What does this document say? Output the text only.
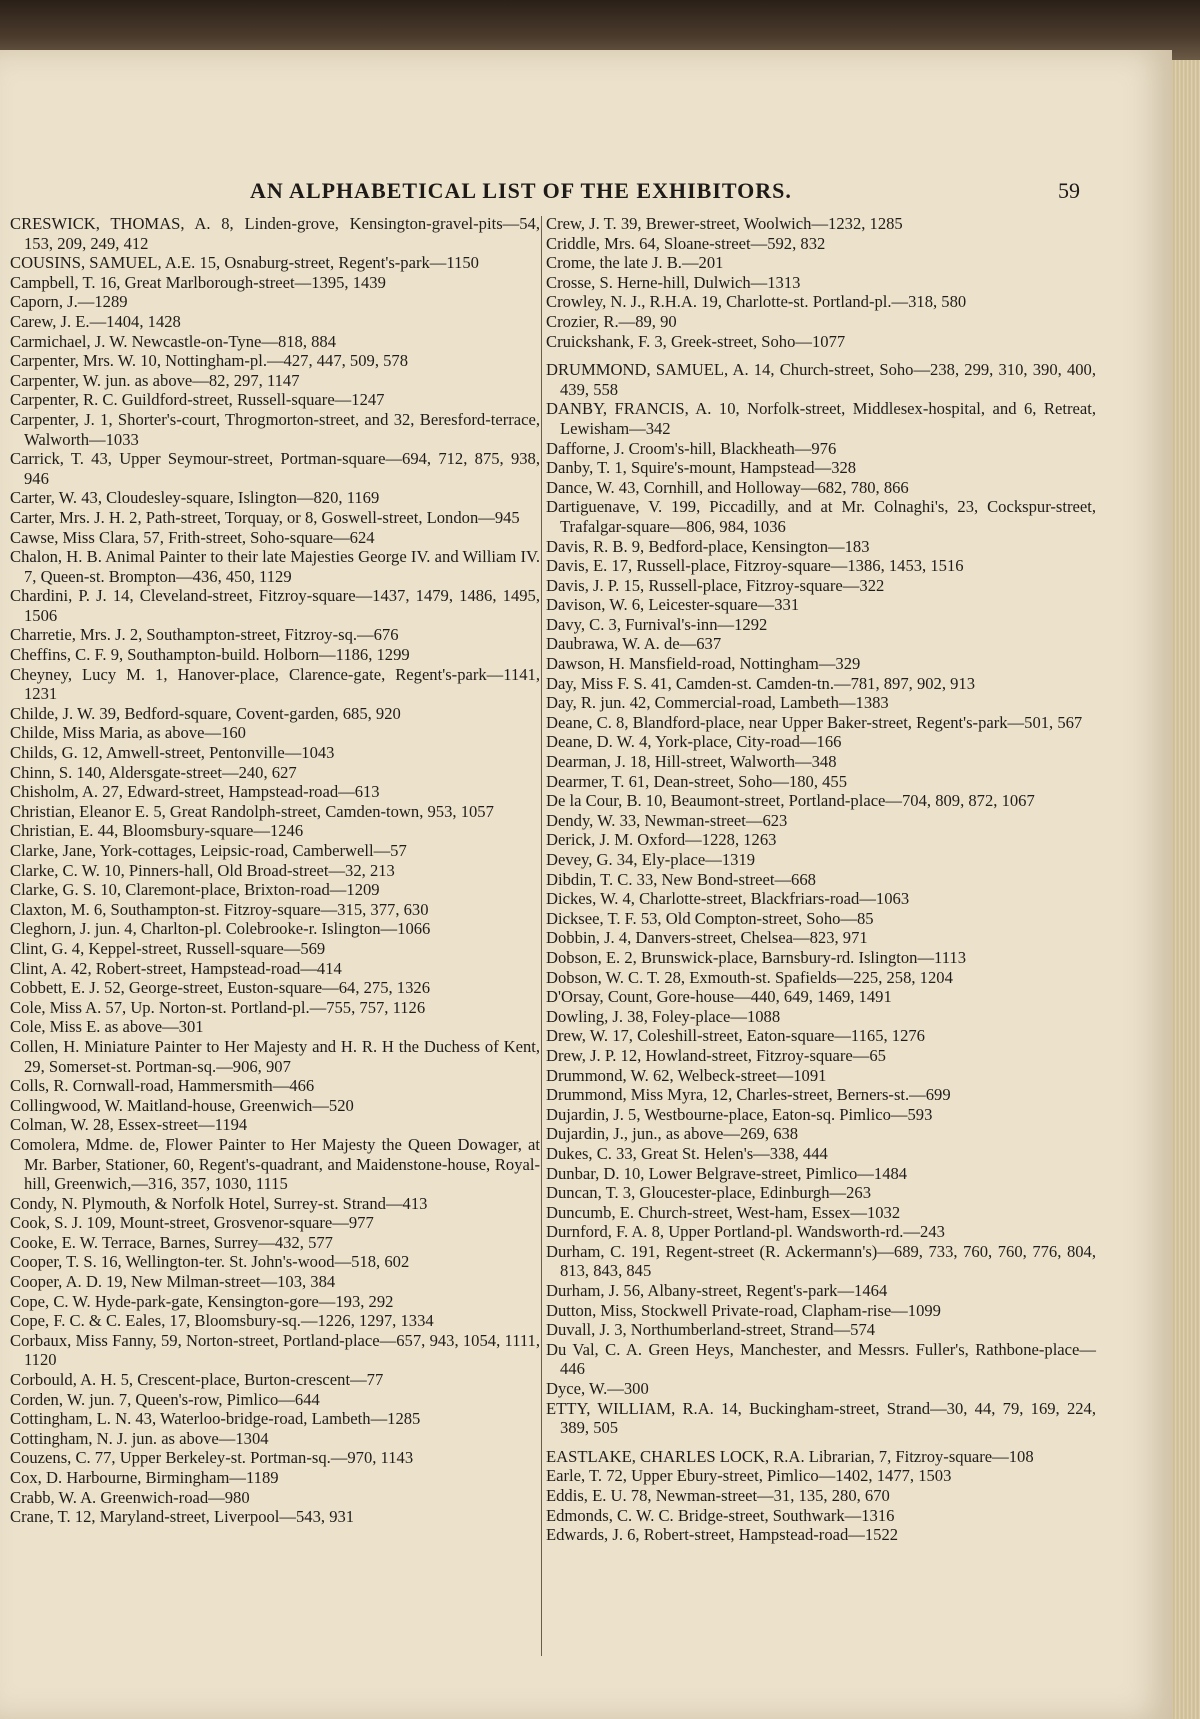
AN ALPHABETICAL LIST OF THE EXHIBITORS.	59

CRESWICK, THOMAS, A. 8, Linden-grove, Kensington-gravel-pits—54, 153, 209, 249, 412

COUSINS, SAMUEL, A.E. 15, Osnaburg-street, Regent's-park—1150

Campbell, T. 16, Great Marlborough-street—1395, 1439

Caporn, J.—1289

Carew, J. E.—1404, 1428

Carmichael, J. W. Newcastle-on-Tyne—818, 884

Carpenter, Mrs. W. 10, Nottingham-pl.—427, 447, 509, 578

Carpenter, W. jun. as above—82, 297, 1147

Carpenter, R. C. Guildford-street, Russell-square—1247

Carpenter, J. 1, Shorter's-court, Throgmorton-street, and 32, Beresford-terrace, Walworth—1033

Carrick, T. 43, Upper Seymour-street, Portman-square—694, 712, 875, 938, 946

Carter, W. 43, Cloudesley-square, Islington—820, 1169

Carter, Mrs. J. H. 2, Path-street, Torquay, or 8, Goswell-street, London—945

Cawse, Miss Clara, 57, Frith-street, Soho-square—624

Chalon, H. B. Animal Painter to their late Majesties George IV. and William IV. 7, Queen-st. Brompton—436, 450, 1129

Chardini, P. J. 14, Cleveland-street, Fitzroy-square—1437, 1479, 1486, 1495, 1506

Charretie, Mrs. J. 2, Southampton-street, Fitzroy-sq.—676

Cheffins, C. F. 9, Southampton-build. Holborn—1186, 1299

Cheyney, Lucy M. 1, Hanover-place, Clarence-gate, Regent's-park—1141, 1231

Childe, J. W. 39, Bedford-square, Covent-garden, 685, 920

Childe, Miss Maria, as above—160

Childs, G. 12, Amwell-street, Pentonville—1043

Chinn, S. 140, Aldersgate-street—240, 627

Chisholm, A. 27, Edward-street, Hampstead-road—613

Christian, Eleanor E. 5, Great Randolph-street, Camden-town, 953, 1057

Christian, E. 44, Bloomsbury-square—1246

Clarke, Jane, York-cottages, Leipsic-road, Camberwell—57

Clarke, C. W. 10, Pinners-hall, Old Broad-street—32, 213

Clarke, G. S. 10, Claremont-place, Brixton-road—1209

Claxton, M. 6, Southampton-st. Fitzroy-square—315, 377, 630

Cleghorn, J. jun. 4, Charlton-pl. Colebrooke-r. Islington—1066

Clint, G. 4, Keppel-street, Russell-square—569

Clint, A. 42, Robert-street, Hampstead-road—414

Cobbett, E. J. 52, George-street, Euston-square—64, 275, 1326

Cole, Miss A. 57, Up. Norton-st. Portland-pl.—755, 757, 1126

Cole, Miss E. as above—301

Collen, H. Miniature Painter to Her Majesty and H. R. H the Duchess of Kent, 29, Somerset-st. Portman-sq.—906, 907

Colls, R. Cornwall-road, Hammersmith—466

Collingwood, W. Maitland-house, Greenwich—520

Colman, W. 28, Essex-street—1194

Comolera, Mdme. de, Flower Painter to Her Majesty the Queen Dowager, at Mr. Barber, Stationer, 60, Regent's-quadrant, and Maidenstone-house, Royal-hill, Greenwich,—316, 357, 1030, 1115

Condy, N. Plymouth, & Norfolk Hotel, Surrey-st. Strand—413

Cook, S. J. 109, Mount-street, Grosvenor-square—977

Cooke, E. W. Terrace, Barnes, Surrey—432, 577

Cooper, T. S. 16, Wellington-ter. St. John's-wood—518, 602

Cooper, A. D. 19, New Milman-street—103, 384

Cope, C. W. Hyde-park-gate, Kensington-gore—193, 292

Cope, F. C. & C. Eales, 17, Bloomsbury-sq.—1226, 1297, 1334

Corbaux, Miss Fanny, 59, Norton-street, Portland-place—657, 943, 1054, 1111, 1120

Corbould, A. H. 5, Crescent-place, Burton-crescent—77

Corden, W. jun. 7, Queen's-row, Pimlico—644

Cottingham, L. N. 43, Waterloo-bridge-road, Lambeth—1285

Cottingham, N. J. jun. as above—1304

Couzens, C. 77, Upper Berkeley-st. Portman-sq.—970, 1143

Cox, D. Harbourne, Birmingham—1189

Crabb, W. A. Greenwich-road—980

Crane, T. 12, Maryland-street, Liverpool—543, 931

Crew, J. T. 39, Brewer-street, Woolwich—1232, 1285

Criddle, Mrs. 64, Sloane-street—592, 832

Crome, the late J. B.—201

Crosse, S. Herne-hill, Dulwich—1313

Crowley, N. J., R.H.A. 19, Charlotte-st. Portland-pl.—318, 580

Crozier, R.—89, 90

Cruickshank, F. 3, Greek-street, Soho—1077

DRUMMOND, SAMUEL, A. 14, Church-street, Soho—238, 299, 310, 390, 400, 439, 558

DANBY, FRANCIS, A. 10, Norfolk-street, Middlesex-hospital, and 6, Retreat, Lewisham—342

Dafforne, J. Croom's-hill, Blackheath—976

Danby, T. 1, Squire's-mount, Hampstead—328

Dance, W. 43, Cornhill, and Holloway—682, 780, 866

Dartiguenave, V. 199, Piccadilly, and at Mr. Colnaghi's, 23, Cockspur-street, Trafalgar-square—806, 984, 1036

Davis, R. B. 9, Bedford-place, Kensington—183

Davis, E. 17, Russell-place, Fitzroy-square—1386, 1453, 1516

Davis, J. P. 15, Russell-place, Fitzroy-square—322

Davison, W. 6, Leicester-square—331

Davy, C. 3, Furnival's-inn—1292

Daubrawa, W. A. de—637

Dawson, H. Mansfield-road, Nottingham—329

Day, Miss F. S. 41, Camden-st. Camden-tn.—781, 897, 902, 913

Day, R. jun. 42, Commercial-road, Lambeth—1383

Deane, C. 8, Blandford-place, near Upper Baker-street, Regent's-park—501, 567

Deane, D. W. 4, York-place, City-road—166

Dearman, J. 18, Hill-street, Walworth—348

Dearmer, T. 61, Dean-street, Soho—180, 455

De la Cour, B. 10, Beaumont-street, Portland-place—704, 809, 872, 1067

Dendy, W. 33, Newman-street—623

Derick, J. M. Oxford—1228, 1263

Devey, G. 34, Ely-place—1319

Dibdin, T. C. 33, New Bond-street—668

Dickes, W. 4, Charlotte-street, Blackfriars-road—1063

Dicksee, T. F. 53, Old Compton-street, Soho—85

Dobbin, J. 4, Danvers-street, Chelsea—823, 971

Dobson, E. 2, Brunswick-place, Barnsbury-rd. Islington—1113

Dobson, W. C. T. 28, Exmouth-st. Spafields—225, 258, 1204

D'Orsay, Count, Gore-house—440, 649, 1469, 1491

Dowling, J. 38, Foley-place—1088

Drew, W. 17, Coleshill-street, Eaton-square—1165, 1276

Drew, J. P. 12, Howland-street, Fitzroy-square—65

Drummond, W. 62, Welbeck-street—1091

Drummond, Miss Myra, 12, Charles-street, Berners-st.—699

Dujardin, J. 5, Westbourne-place, Eaton-sq. Pimlico—593

Dujardin, J., jun., as above—269, 638

Dukes, C. 33, Great St. Helen's—338, 444

Dunbar, D. 10, Lower Belgrave-street, Pimlico—1484

Duncan, T. 3, Gloucester-place, Edinburgh—263

Duncumb, E. Church-street, West-ham, Essex—1032

Durnford, F. A. 8, Upper Portland-pl. Wandsworth-rd.—243

Durham, C. 191, Regent-street (R. Ackermann's)—689, 733, 760, 760, 776, 804, 813, 843, 845

Durham, J. 56, Albany-street, Regent's-park—1464

Dutton, Miss, Stockwell Private-road, Clapham-rise—1099

Duvall, J. 3, Northumberland-street, Strand—574

Du Val, C. A. Green Heys, Manchester, and Messrs. Fuller's, Rathbone-place—446

Dyce, W.—300

ETTY, WILLIAM, R.A. 14, Buckingham-street, Strand—30, 44, 79, 169, 224, 389, 505

EASTLAKE, CHARLES LOCK, R.A. Librarian, 7, Fitzroy-square—108

Earle, T. 72, Upper Ebury-street, Pimlico—1402, 1477, 1503

Eddis, E. U. 78, Newman-street—31, 135, 280, 670

Edmonds, C. W. C. Bridge-street, Southwark—1316

Edwards, J. 6, Robert-street, Hampstead-road—1522
